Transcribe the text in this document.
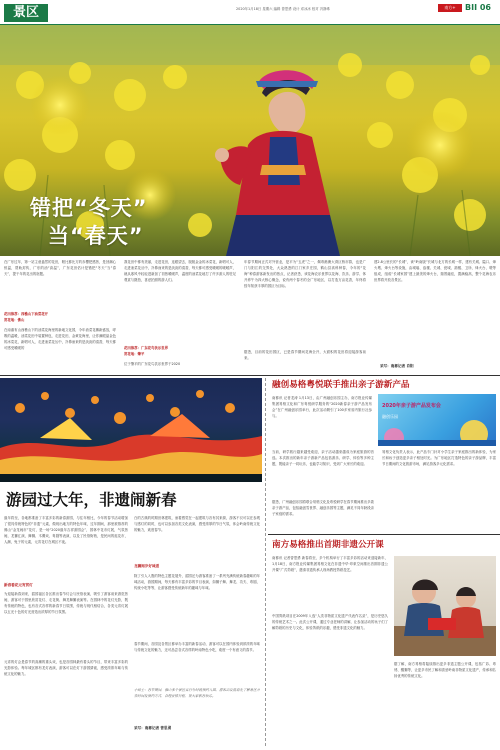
景区	2020年1月18日 星期六 编辑 曾思勇 设计 邓冰冰 校对 冯静珠	南方+	BII 06
错把“冬天”
当“春天”
在广东过年，第一站主意盎然的花田，帕比都比方的赤樱把感热，是回潮心恒温，帮助封传，广东的油“高温”，广东花田估计是错把“冬天”当“春天”，提干年的花出的宿题。
花田推荐：西樵山下油菜花开
赏花地：佛山
在南番布山西樵山下的油菜花海里的新地文化园，今年油菜花摊新盛放，呼吸的温暖，油菜花田中装置种包，走进花田，金黄花海里，让你满眼晶金色的冰菜花，新唱可人，走进油菜花丛中，扑鼻而来的是淡淡的清香，每天都可感受暖暖的
我花田中都有美丽，走进花田，连眼望去，脱脱金金的冰菜花，新唱可人，走进油菜花丛中，扑鼻而来的是淡淡的清香，每天都可感受暖暖的暖暖声，就从寒风中轻轻进新加了初热暖暖声，温度的油菜花地打了许多游人的驻足观赏与摄拍，喜爱拍照的游人们。
花田推荐：广东花鸟饮乐世界
赏花地：肇平
位于肇平的广东花鸟饮乐世界于2020
年春节期间正式对外营业，是平为“五虎”之一，佩粤港澳大湾区核市群，也是广门与阳江的交界处，大众熟悉的江门家乡庄园，鹤山县高科种春，今年的“花海”种春游客新发出的热点，记者获悉，该花海农乐世界以花海、饮乐、游学、休开养午为四大核心概念，说有两个春冬的全广东地区，以打造万亩花香，年终将按年知获丰厚的园区为目标。
据悉，目前的花田园区，已是春节期间花海全开，大面积的花田将迎接游客前来。
建2.8公里长的“长城”，该“岭南版”长城与北方的长城一样，建有关城、隘口、烽火墩、烽火台等设施，由城墙、敌楼、关城、瓮城、箭楼、卫所、烽火台、墩等组成，组成“长城家园”建上最美的烽火台，瑞景融佳，置满稳高，整个花海农乐世界将开放各景区。
采写：南都记者 肖阳
游园过大年，非遗闹新春
鼠年将至，各地都准备了丰富多彩的新春游园，与往年相比，今年的春节活动增加了很具传统特色的“非遗”元素，做现出地方的特色年味，过年期间，那里被推荐的佛山“金龙闹市”花灯，是一场“2020鼠年吉祥游园会”，园林中花市灯展，气氛热闹，龙狮汇演，舞狮、木偶戏、粤剧等表演，以及了民俗街巷，是民间的逛花市，人潮，兔子的元素，元宵花灯在城区不夜。
新春看花元宵赏灯
为迎接新春到来，韶园福区各区推出春节灯会与民俗表演，吸引了游客前来游览热闹，游客可于园里欣赏花灯、走花街、舞龙舞狮表演等。在园林中的花灯光影，既有传统的特色，也有各式各样的新春节日氛围，传统与现代相结合，各类元宵灯展以五光十色的灯光营造出浓厚的节日氛围。
元宵的灯会是春节的高潮的重头戏，也是各园林最有看头的节目，带来丰富多彩的光影体验。每年城区都有龙灯表演，游客可以在灯下游园猜谜，感受浓浓年味与传统文化的魅力。
白的古典的时期田林建筑，而着感觉在一起建筑与各有其来源，游客不仅可以在参观与感灯的同时，也可以参加各类文化表演，感受浓厚的节日气氛，体会岭南传统文化的魅力，欢度春节。
龙狮闹岁好味道
除了引人入胜的特色主题花展外，韶园还为游客准备了一系列充满传统新春趣味的年味活动，游园期间，每天都有丰富多彩的节目表演，如狮子舞、舞龙、功夫、粤剧、传统小吃等等，让游客感受传统新年的趣味与年味。
春节期间，各园及各景区都举办丰富的新春活动，游客可以在园内体验到浓浓的年味与传统文化的魅力，还可品尝各式各样的岭南特色小吃，欢度一个有意义的春节。
小贴士：春节期间，佛山多个景区实行分时段预约入园，游客出发前请先了解景区开放时间及预约方式，合理安排行程，祝大家新春快乐。
采写：南都记者 曾思勇
融创易格粤悦联手推出亲子游新产品
南都讯 记者龙涛 1月13日，由广州融创乐园主办，南方报业传媒集团易格文化和广东粤悦研学服务的“2020新春亲子游产品发布会”在广州融创乐园举行，此次活动吸引了100多家省内旅行社参与。
2020年亲子游产品发布会
融创乐园
当前，研学旅行越来越受欢迎，亲子活动越来越成为家庭旅游的首选。本次推出的新年亲子游新产品包括游乐、研学、体验等多种主题，既能亲子一同玩乐，也能学习知识，受到广大家长的欢迎。
据悉，广州融创乐园将联合易格文化及粤悦研学在春节期间推出多款亲子游产品，包括融创雪世界、融创乐园等主题，满足不同年龄段亲子家庭的需求。
易格文化负责人表示，此产品专门针对小学生亲子家庭推出的新体验，为家长和孩子创造更多亲子相处时光。为广东地区打造特色的亲子游品牌，丰富节日期间的文化旅游市场，满足游客多元化需求。
南方易格推出首期非遗公开课
南都讯 记者曾思勇 新春将至，多个机构举行了丰富多彩的活动来迎接新年，1月18日，南方报业传媒集团易格文化在非遗中华·印象空间推出首期非遗公开课“广式剪纸”，邀请非遗传承人现场教授剪纸技艺。
中国剪纸项目在2009年入选“人类非物质文化遗产代表作名录”，是历史悠久的传统艺术之一。此次公开课，通过专业老师的讲解，让参加活动的孩子们了解剪纸的历史与文化，体验剪纸的乐趣，感受非遗文化的魅力。
据了解，南方易格将陆续推出更多非遗主题公开课，包括广彩、粤绣、醒狮等，让更多市民了解和喜爱岭南非物质文化遗产，传承和弘扬优秀的传统文化。
